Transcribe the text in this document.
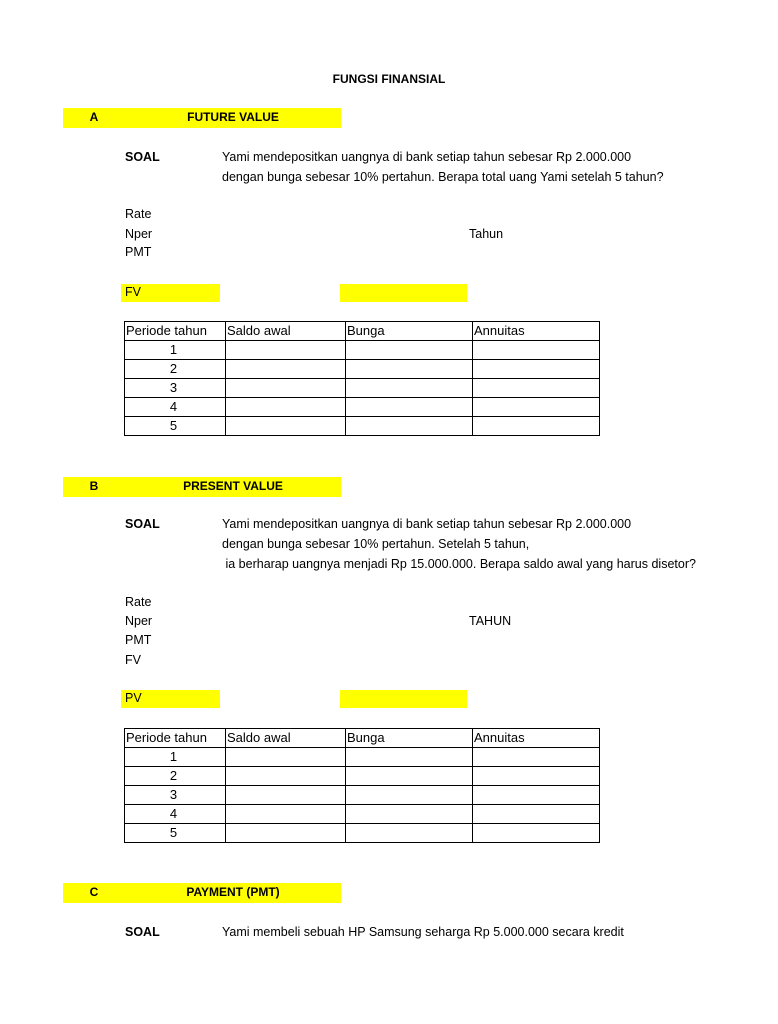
FUNGSI FINANSIAL
A	FUTURE VALUE
SOAL	Yami mendepositkan uangnya di bank setiap tahun sebesar Rp 2.000.000
dengan bunga sebesar 10% pertahun. Berapa total uang Yami setelah 5 tahun?
Rate
Nper	Tahun
PMT
FV
Periode tahun	Saldo awal	Bunga	Annuitas
1			
2			
3			
4			
5			
B	PRESENT VALUE
SOAL	Yami mendepositkan uangnya di bank setiap tahun sebesar Rp 2.000.000
dengan bunga sebesar 10% pertahun. Setelah 5 tahun,
ia berharap uangnya menjadi Rp 15.000.000. Berapa saldo awal yang harus disetor?
Rate
Nper	TAHUN
PMT
FV
PV
Periode tahun	Saldo awal	Bunga	Annuitas
1			
2			
3			
4			
5			
C	PAYMENT (PMT)
SOAL	Yami membeli sebuah HP Samsung seharga Rp 5.000.000 secara kredit
